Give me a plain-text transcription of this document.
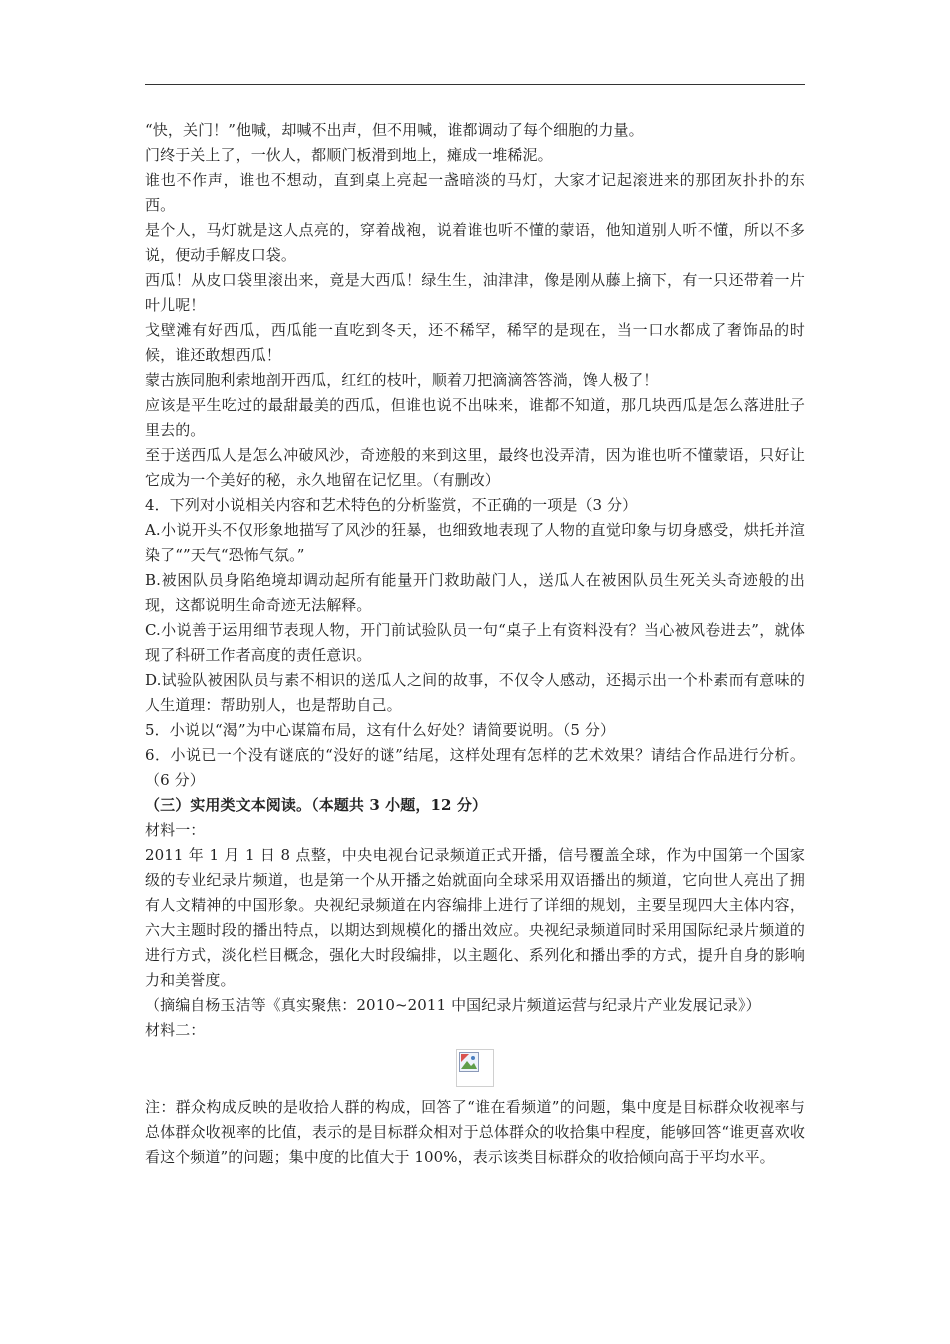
“快，关门！”他喊，却喊不出声，但不用喊，谁都调动了每个细胞的力量。

门终于关上了，一伙人，都顺门板滑到地上，瘫成一堆稀泥。

谁也不作声，谁也不想动，直到桌上亮起一盏暗淡的马灯，大家才记起滚进来的那团灰扑扑的东西。

是个人，马灯就是这人点亮的，穿着战袍，说着谁也听不懂的蒙语，他知道别人听不懂，所以不多说，便动手解皮口袋。

西瓜！从皮口袋里滚出来，竟是大西瓜！绿生生，油津津，像是刚从藤上摘下，有一只还带着一片叶儿呢！

戈壁滩有好西瓜，西瓜能一直吃到冬天，还不稀罕，稀罕的是现在，当一口水都成了奢饰品的时候，谁还敢想西瓜！

蒙古族同胞利索地剖开西瓜，红红的枝叶，顺着刀把滴滴答答淌，馋人极了！

应该是平生吃过的最甜最美的西瓜，但谁也说不出味来，谁都不知道，那几块西瓜是怎么落进肚子里去的。

至于送西瓜人是怎么冲破风沙，奇迹般的来到这里，最终也没弄清，因为谁也听不懂蒙语，只好让它成为一个美好的秘，永久地留在记忆里。（有删改）

4．下列对小说相关内容和艺术特色的分析鉴赏，不正确的一项是（3 分）

A.小说开头不仅形象地描写了风沙的狂暴，也细致地表现了人物的直觉印象与切身感受，烘托并渲染了“”天气“恐怖气氛。”

B.被困队员身陷绝境却调动起所有能量开门救助敲门人，送瓜人在被困队员生死关头奇迹般的出现，这都说明生命奇迹无法解释。

C.小说善于运用细节表现人物，开门前试验队员一句“桌子上有资料没有？当心被风卷进去”，就体现了科研工作者高度的责任意识。

D.试验队被困队员与素不相识的送瓜人之间的故事，不仅令人感动，还揭示出一个朴素而有意味的人生道理：帮助别人，也是帮助自己。

5．小说以“渴”为中心谋篇布局，这有什么好处？请简要说明。（5 分）

6．小说已一个没有谜底的“没好的谜”结尾，这样处理有怎样的艺术效果？请结合作品进行分析。（6 分）

（三）实用类文本阅读。（本题共 3 小题，12 分）

材料一：

2011 年 1 月 1 日 8 点整，中央电视台记录频道正式开播，信号覆盖全球，作为中国第一个国家级的专业纪录片频道，也是第一个从开播之始就面向全球采用双语播出的频道，它向世人亮出了拥有人文精神的中国形象。央视纪录频道在内容编排上进行了详细的规划，主要呈现四大主体内容，六大主题时段的播出特点，以期达到规模化的播出效应。央视纪录频道同时采用国际纪录片频道的进行方式，淡化栏目概念，强化大时段编排，以主题化、系列化和播出季的方式，提升自身的影响力和美誉度。

（摘编自杨玉洁等《真实聚焦：2010~2011 中国纪录片频道运营与纪录片产业发展记录》）

材料二：

注：群众构成反映的是收拾人群的构成，回答了“谁在看频道”的问题，集中度是目标群众收视率与总体群众收视率的比值，表示的是目标群众相对于总体群众的收拾集中程度，能够回答“谁更喜欢收看这个频道”的问题；集中度的比值大于 100%，表示该类目标群众的收拾倾向高于平均水平。
